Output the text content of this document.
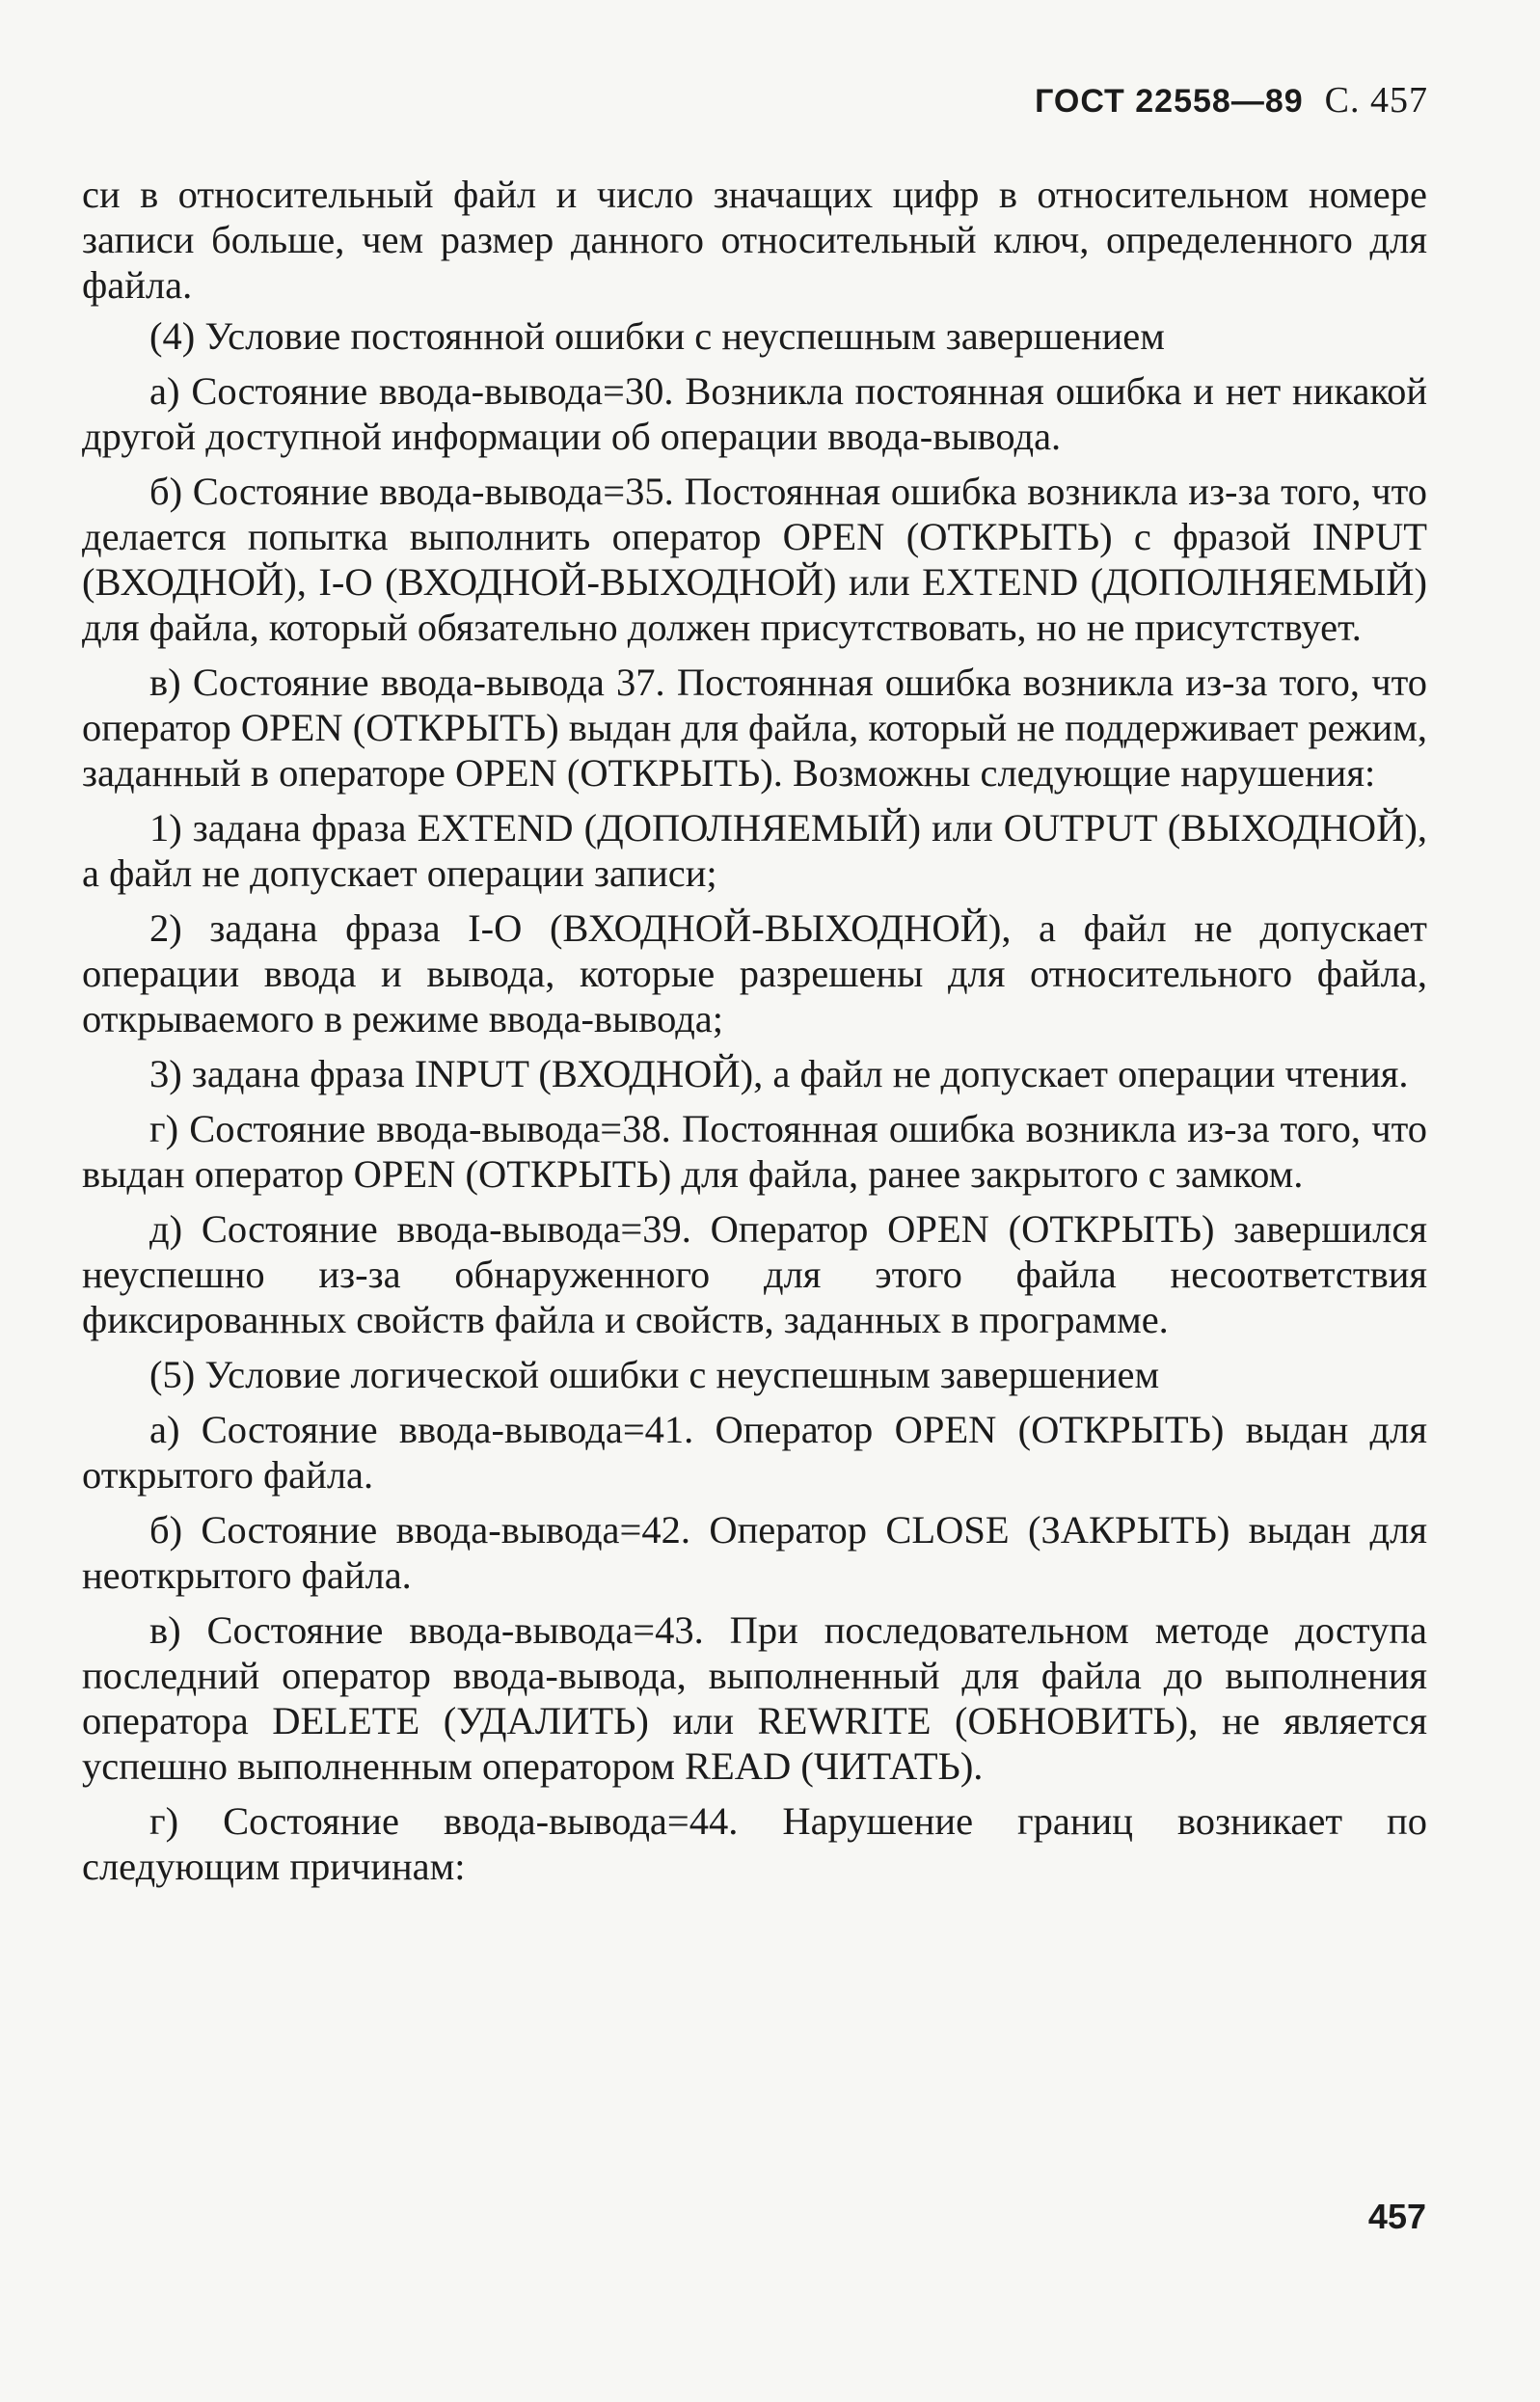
ГОСТ 22558—89 С. 457

си в относительный файл и число значащих цифр в относительном номере записи больше, чем размер данного относительный ключ, определенного для файла.

(4) Условие постоянной ошибки с неуспешным завершением

а) Состояние ввода-вывода=30. Возникла постоянная ошибка и нет никакой другой доступной информации об операции ввода-вывода.

б) Состояние ввода-вывода=35. Постоянная ошибка возникла из-за того, что делается попытка выполнить оператор OPEN (ОТКРЫТЬ) с фразой INPUT (ВХОДНОЙ), I-O (ВХОДНОЙ-ВЫХОДНОЙ) или EXTEND (ДОПОЛНЯЕМЫЙ) для файла, который обязательно должен присутствовать, но не присутствует.

в) Состояние ввода-вывода 37. Постоянная ошибка возникла из-за того, что оператор OPEN (ОТКРЫТЬ) выдан для файла, который не поддерживает режим, заданный в операторе OPEN (ОТКРЫТЬ). Возможны следующие нарушения:

1) задана фраза EXTEND (ДОПОЛНЯЕМЫЙ) или OUTPUT (ВЫХОДНОЙ), а файл не допускает операции записи;

2) задана фраза I-O (ВХОДНОЙ-ВЫХОДНОЙ), а файл не допускает операции ввода и вывода, которые разрешены для относительного файла, открываемого в режиме ввода-вывода;

3) задана фраза INPUT (ВХОДНОЙ), а файл не допускает операции чтения.

г) Состояние ввода-вывода=38. Постоянная ошибка возникла из-за того, что выдан оператор OPEN (ОТКРЫТЬ) для файла, ранее закрытого с замком.

д) Состояние ввода-вывода=39. Оператор OPEN (ОТКРЫТЬ) завершился неуспешно из-за обнаруженного для этого файла несоответствия фиксированных свойств файла и свойств, заданных в программе.

(5) Условие логической ошибки с неуспешным завершением

а) Состояние ввода-вывода=41. Оператор OPEN (ОТКРЫТЬ) выдан для открытого файла.

б) Состояние ввода-вывода=42. Оператор CLOSE (ЗАКРЫТЬ) выдан для неоткрытого файла.

в) Состояние ввода-вывода=43. При последовательном методе доступа последний оператор ввода-вывода, выполненный для файла до выполнения оператора DELETE (УДАЛИТЬ) или REWRITE (ОБНОВИТЬ), не является успешно выполненным оператором READ (ЧИТАТЬ).

г) Состояние ввода-вывода=44. Нарушение границ возникает по следующим причинам:

457
